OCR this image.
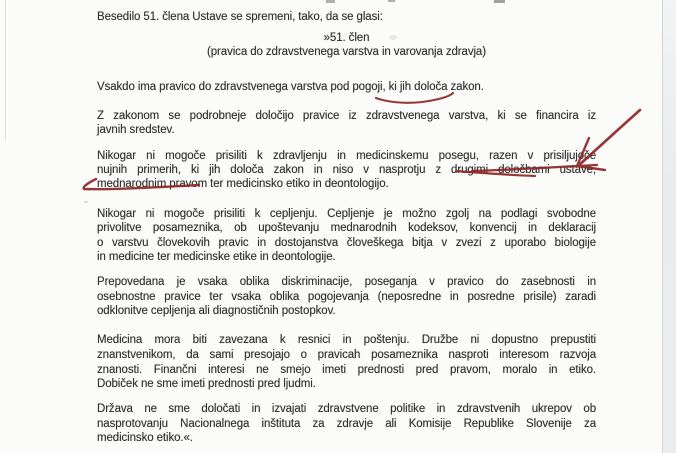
Besedilo 51. člena Ustave se spremeni, tako, da se glasi:
»51. člen
(pravica do zdravstvenega varstva in varovanja zdravja)
Vsakdo ima pravico do zdravstvenega varstva pod pogoji, ki jih določa zakon.
Z zakonom se podrobneje določijo pravice iz zdravstvenega varstva, ki se financira iz
javnih sredstev.
Nikogar ni mogoče prisiliti k zdravljenju in medicinskemu posegu, razen v prisiljujoče
nujnih primerih, ki jih določa zakon in niso v nasprotju z drugimi določbami ustave,
mednarodnim pravom ter medicinsko etiko in deontologijo.
Nikogar ni mogoče prisiliti k cepljenju. Cepljenje je možno zgolj na podlagi svobodne
privolitve posameznika, ob upoštevanju mednarodnih kodeksov, konvencij in deklaracij
o varstvu človekovih pravic in dostojanstva človeškega bitja v zvezi z uporabo biologije
in medicine ter medicinske etike in deontologije.
Prepovedana je vsaka oblika diskriminacije, poseganja v pravico do zasebnosti in
osebnostne pravice ter vsaka oblika pogojevanja (neposredne in posredne prisile) zaradi
odklonitve cepljenja ali diagnostičnih postopkov.
Medicina mora biti zavezana k resnici in poštenju. Družbe ni dopustno prepustiti
znanstvenikom, da sami presojajo o pravicah posameznika nasproti interesom razvoja
znanosti. Finančni interesi ne smejo imeti prednosti pred pravom, moralo in etiko.
Dobiček ne sme imeti prednosti pred ljudmi.
Država ne sme določati in izvajati zdravstvene politike in zdravstvenih ukrepov ob
nasprotovanju Nacionalnega inštituta za zdravje ali Komisije Republike Slovenije za
medicinsko etiko.«.
